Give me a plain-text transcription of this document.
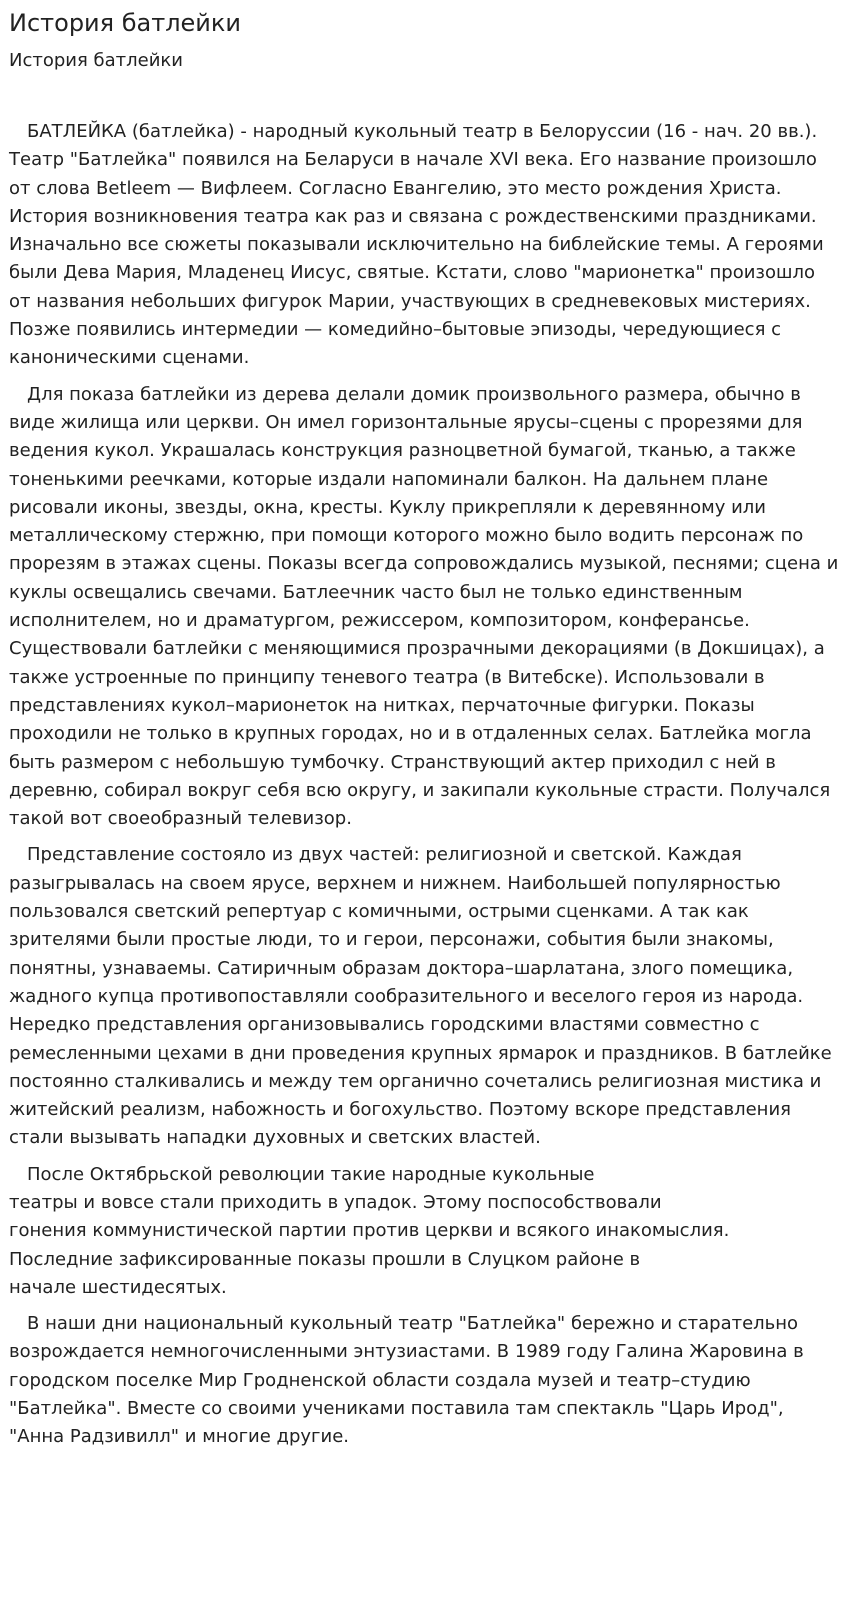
История батлейки
История батлейки

БАТЛЕЙКА (батлейка) - народный кукольный театр в Белоруссии (16 - нач. 20 вв.). Театр "Батлейка" появился на Беларуси в начале XVI века. Его название произошло от слова Betleem — Вифлеем. Согласно Евангелию, это место рождения Христа. История возникновения театра как раз и связана с рождественскими праздниками. Изначально все сюжеты показывали исключительно на библейские темы. А героями были Дева Мария, Младенец Иисус, святые. Кстати, слово "марионетка" произошло от названия небольших фигурок Марии, участвующих в средневековых мистериях. Позже появились интермедии — комедийно–бытовые эпизоды, чередующиеся с каноническими сценами.

Для показа батлейки из дерева делали домик произвольного размера, обычно в виде жилища или церкви. Он имел горизонтальные ярусы–сцены с прорезями для ведения кукол. Украшалась конструкция разноцветной бумагой, тканью, а также тоненькими реечками, которые издали напоминали балкон. На дальнем плане рисовали иконы, звезды, окна, кресты. Куклу прикрепляли к деревянному или металлическому стержню, при помощи которого можно было водить персонаж по прорезям в этажах сцены. Показы всегда сопровождались музыкой, песнями; сцена и куклы освещались свечами. Батлеечник часто был не только единственным исполнителем, но и драматургом, режиссером, композитором, конферансье. Существовали батлейки с меняющимися прозрачными декорациями (в Докшицах), а также устроенные по принципу теневого театра (в Витебске). Использовали в представлениях кукол–марионеток на нитках, перчаточные фигурки. Показы проходили не только в крупных городах, но и в отдаленных селах. Батлейка могла быть размером с небольшую тумбочку. Странствующий актер приходил с ней в деревню, собирал вокруг себя всю округу, и закипали кукольные страсти. Получался такой вот своеобразный телевизор.

Представление состояло из двух частей: религиозной и светской. Каждая разыгрывалась на своем ярусе, верхнем и нижнем. Наибольшей популярностью пользовался светский репертуар с комичными, острыми сценками. А так как зрителями были простые люди, то и герои, персонажи, события были знакомы, понятны, узнаваемы. Сатиричным образам доктора–шарлатана, злого помещика, жадного купца противопоставляли сообразительного и веселого героя из народа. Нередко представления организовывались городскими властями совместно с ремесленными цехами в дни проведения крупных ярмарок и праздников. В батлейке постоянно сталкивались и между тем органично сочетались религиозная мистика и житейский реализм, набожность и богохульство. Поэтому вскоре представления стали вызывать нападки духовных и светских властей.

После Октябрьской революции такие народные кукольные
театры и вовсе стали приходить в упадок. Этому поспособствовали
гонения коммунистической партии против церкви и всякого инакомыслия.
Последние зафиксированные показы прошли в Слуцком районе в
начале шестидесятых.

В наши дни национальный кукольный театр "Батлейка" бережно и старательно возрождается немногочисленными энтузиастами. В 1989 году Галина Жаровина в городском поселке Мир Гродненской области создала музей и театр–студию "Батлейка". Вместе со своими учениками поставила там спектакль "Царь Ирод", "Анна Радзивилл" и многие другие.
